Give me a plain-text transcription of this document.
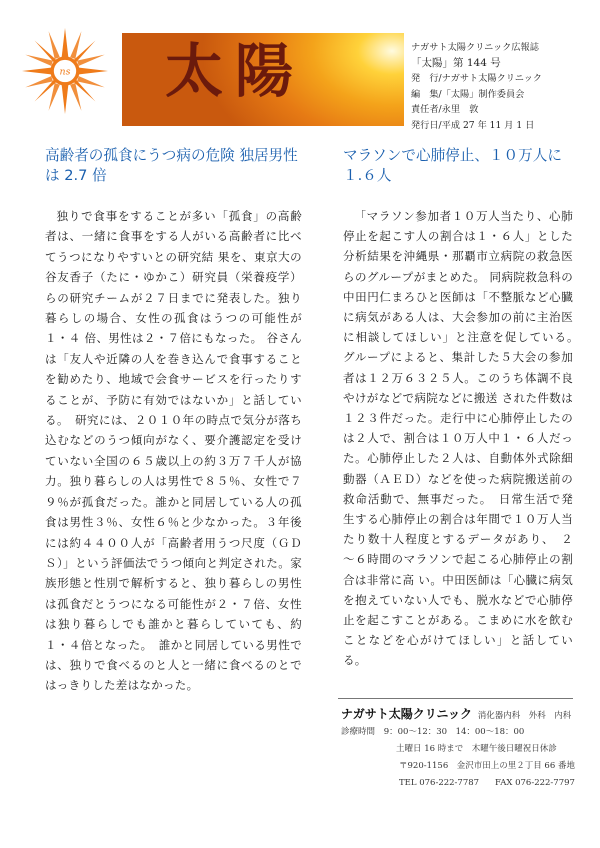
ns 太陽	ナガサト太陽クリニック広報誌
「太陽」第 144 号
発　行/ナガサト太陽クリニック
編　集/「太陽」制作委員会
責任者/永里　敦
発行日/平成 27 年 11 月 1 日
高齢者の孤食にうつ病の危険 独居男性は 2.7 倍

独りで食事をすることが多い「孤食」の高齢者は、一緒に食事をする人がいる高齢者に比べてうつになりやすいとの研究結 果を、東京大の谷友香子（たに・ゆかこ）研究員（栄養疫学）らの研究チームが２７日までに発表した。独り暮らしの場合、女性の孤食はうつの可能性が　１・４ 倍、男性は２・７倍にもなった。 谷さんは「友人や近隣の人を巻き込んで食事することを勧めたり、地域で会食サービスを行ったりすることが、予防に有効ではないか」と話している。　研究には、２０１０年の時点で気分が落ち込むなどのうつ傾向がなく、要介護認定を受けていない全国の６５歳以上の約３万７千人が協力。独り暮らしの人は男性で８５％、女性で７９％が孤食だった。誰かと同居している人の孤食は男性３％、女性６％と少なかった。３年後には約４４００人が「高齢者用うつ尺度（ＧＤＳ）」という評価法でうつ傾向と判定された。家族形態と性別で解析すると、独り暮らしの男性は孤食だとうつになる可能性が２・７倍、女性は独り暮らしでも誰かと暮らしていても、約１・４倍となった。　誰かと同居している男性では、独りで食べるのと人と一緒に食べるのとではっきりした差はなかった。

マラソンで心肺停止、１０万人に１.６人

「マラソン参加者１０万人当たり、心肺停止を起こす人の割合は１・６人」とした分析結果を沖縄県・那覇市立病院の救急医らのグループがまとめた。 同病院救急科の中田円仁まろひと医師は「不整脈など心臓に病気がある人は、大会参加の前に主治医に相談してほしい」と注意を促している。　グループによると、集計した５大会の参加者は１２万６３２５人。このうち体調不良やけがなどで病院などに搬送 された件数は１２３件だった。走行中に心肺停止したのは２人で、割合は１０万人中１・６人だった。心肺停止した２人は、自動体外式除細動器（ＡＥＤ）などを使った病院搬送前の救命活動で、無事だった。　日常生活で発生する心肺停止の割合は年間で１０万人当たり数十人程度とするデータがあり、　２～６時間のマラソンで起こる心肺停止の割合は非常に高 い。中田医師は「心臓に病気を抱えていない人でも、脱水などで心肺停止を起こすことがある。こまめに水を飲むことなどを心がけてほしい」と話している。

ナガサト太陽クリニック 消化器内科　外科　内科
診療時間 9：00～12：30　14：00～18：00
土曜日 16 時まで　木曜午後日曜祝日休診
〒920-1156　金沢市田上の里２丁目 66 番地
TEL 076-222-7787 FAX 076-222-7797
